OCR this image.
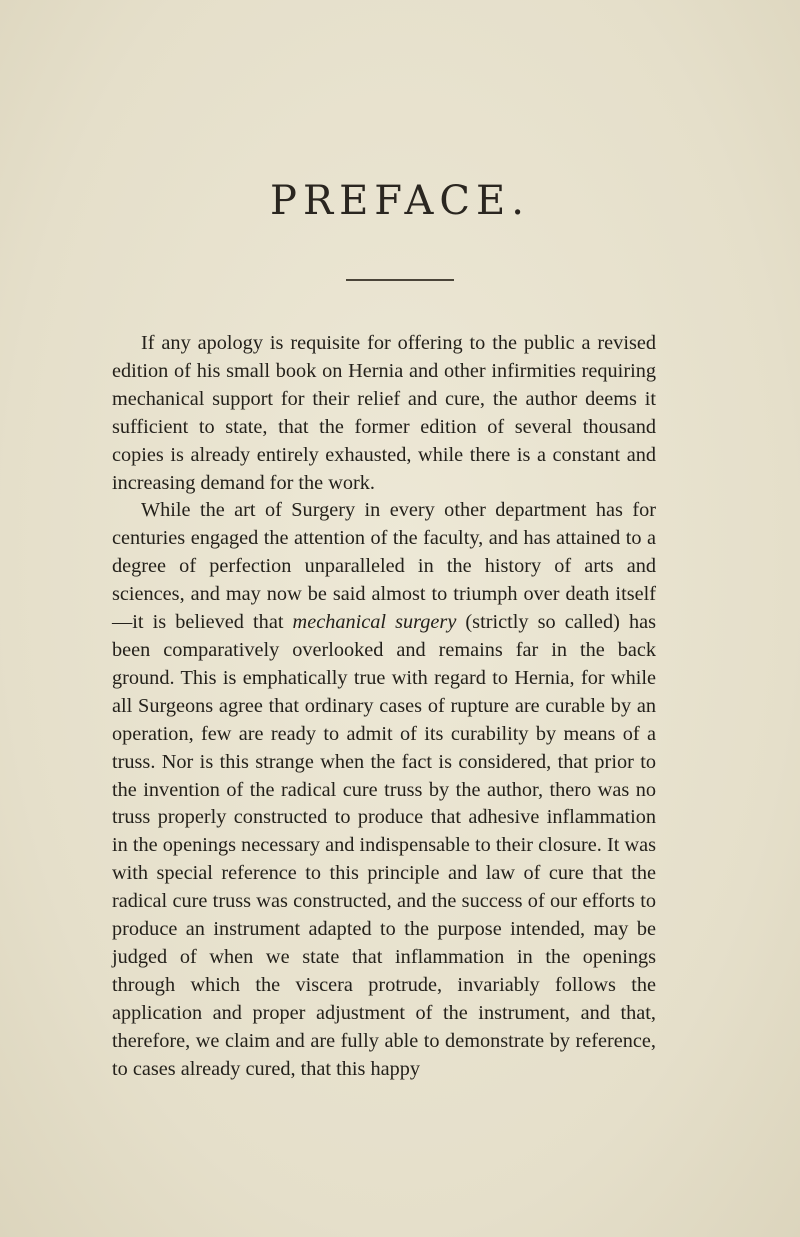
PREFACE.

If any apology is requisite for offering to the public a revised edition of his small book on Hernia and other infirmities requiring mechanical support for their relief and cure, the author deems it sufficient to state, that the former edition of several thousand copies is already entirely exhausted, while there is a constant and increasing demand for the work.

While the art of Surgery in every other department has for centuries engaged the attention of the faculty, and has attained to a degree of perfection unparalleled in the history of arts and sciences, and may now be said almost to triumph over death itself—it is believed that mechanical surgery (strictly so called) has been comparatively overlooked and remains far in the back ground. This is emphatically true with regard to Hernia, for while all Surgeons agree that ordinary cases of rupture are curable by an operation, few are ready to admit of its curability by means of a truss. Nor is this strange when the fact is considered, that prior to the invention of the radical cure truss by the author, thero was no truss properly constructed to produce that adhesive inflammation in the openings necessary and indispensable to their closure. It was with special reference to this principle and law of cure that the radical cure truss was constructed, and the success of our efforts to produce an instrument adapted to the purpose intended, may be judged of when we state that inflammation in the openings through which the viscera protrude, invariably follows the application and proper adjustment of the instrument, and that, therefore, we claim and are fully able to demonstrate by reference, to cases already cured, that this happy
